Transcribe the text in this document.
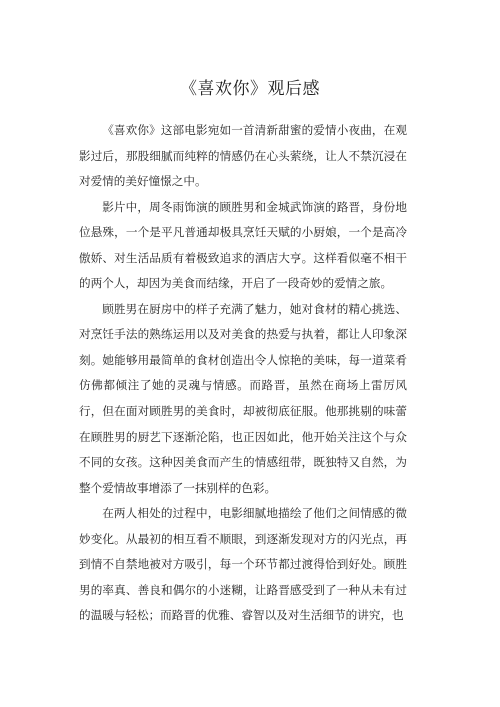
《喜欢你》观后感

《喜欢你》这部电影宛如一首清新甜蜜的爱情小夜曲，在观影过后，那股细腻而纯粹的情感仍在心头萦绕，让人不禁沉浸在对爱情的美好憧憬之中。

影片中，周冬雨饰演的顾胜男和金城武饰演的路晋，身份地位悬殊，一个是平凡普通却极具烹饪天赋的小厨娘，一个是高冷傲娇、对生活品质有着极致追求的酒店大亨。这样看似毫不相干的两个人，却因为美食而结缘，开启了一段奇妙的爱情之旅。

顾胜男在厨房中的样子充满了魅力，她对食材的精心挑选、对烹饪手法的熟练运用以及对美食的热爱与执着，都让人印象深刻。她能够用最简单的食材创造出令人惊艳的美味，每一道菜肴仿佛都倾注了她的灵魂与情感。而路晋，虽然在商场上雷厉风行，但在面对顾胜男的美食时，却被彻底征服。他那挑剔的味蕾在顾胜男的厨艺下逐渐沦陷，也正因如此，他开始关注这个与众不同的女孩。这种因美食而产生的情感纽带，既独特又自然，为整个爱情故事增添了一抹别样的色彩。

在两人相处的过程中，电影细腻地描绘了他们之间情感的微妙变化。从最初的相互看不顺眼，到逐渐发现对方的闪光点，再到情不自禁地被对方吸引，每一个环节都过渡得恰到好处。顾胜男的率真、善良和偶尔的小迷糊，让路晋感受到了一种从未有过的温暖与轻松；而路晋的优雅、睿智以及对生活细节的讲究，也
